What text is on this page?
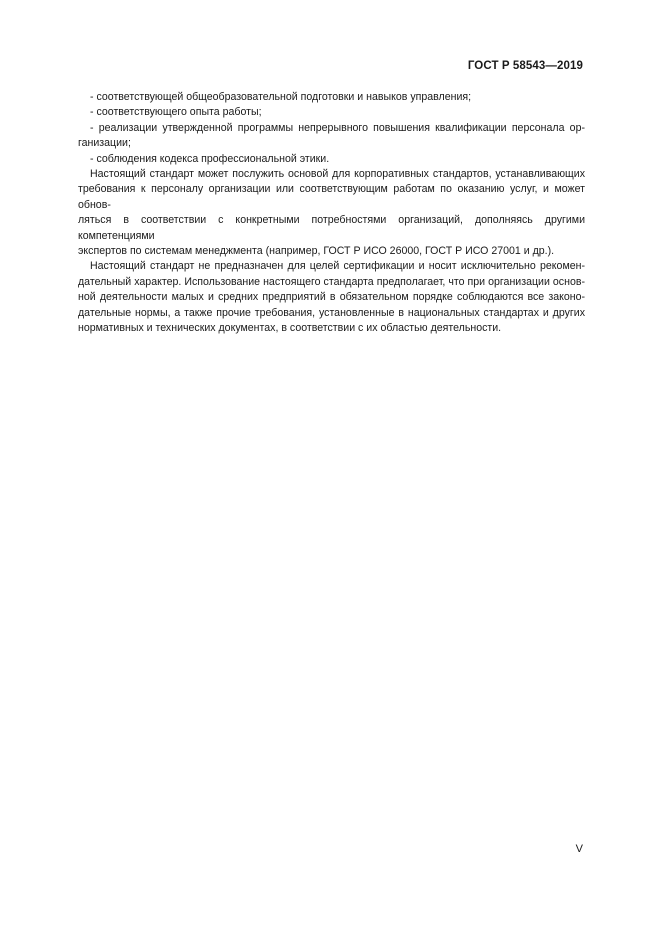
ГОСТ Р 58543—2019
- соответствующей общеобразовательной подготовки и навыков управления;
- соответствующего опыта работы;
- реализации утвержденной программы непрерывного повышения квалификации персонала ор-
ганизации;
- соблюдения кодекса профессиональной этики.
Настоящий стандарт может послужить основой для корпоративных стандартов, устанавливающих
требования к персоналу организации или соответствующим работам по оказанию услуг, и может обнов-
ляться в соответствии с конкретными потребностями организаций, дополняясь другими компетенциями
экспертов по системам менеджмента (например, ГОСТ Р ИСО 26000, ГОСТ Р ИСО 27001 и др.).
Настоящий стандарт не предназначен для целей сертификации и носит исключительно рекомен-
дательный характер. Использование настоящего стандарта предполагает, что при организации основ-
ной деятельности малых и средних предприятий в обязательном порядке соблюдаются все законо-
дательные нормы, а также прочие требования, установленные в национальных стандартах и других
нормативных и технических документах, в соответствии с их областью деятельности.
V
